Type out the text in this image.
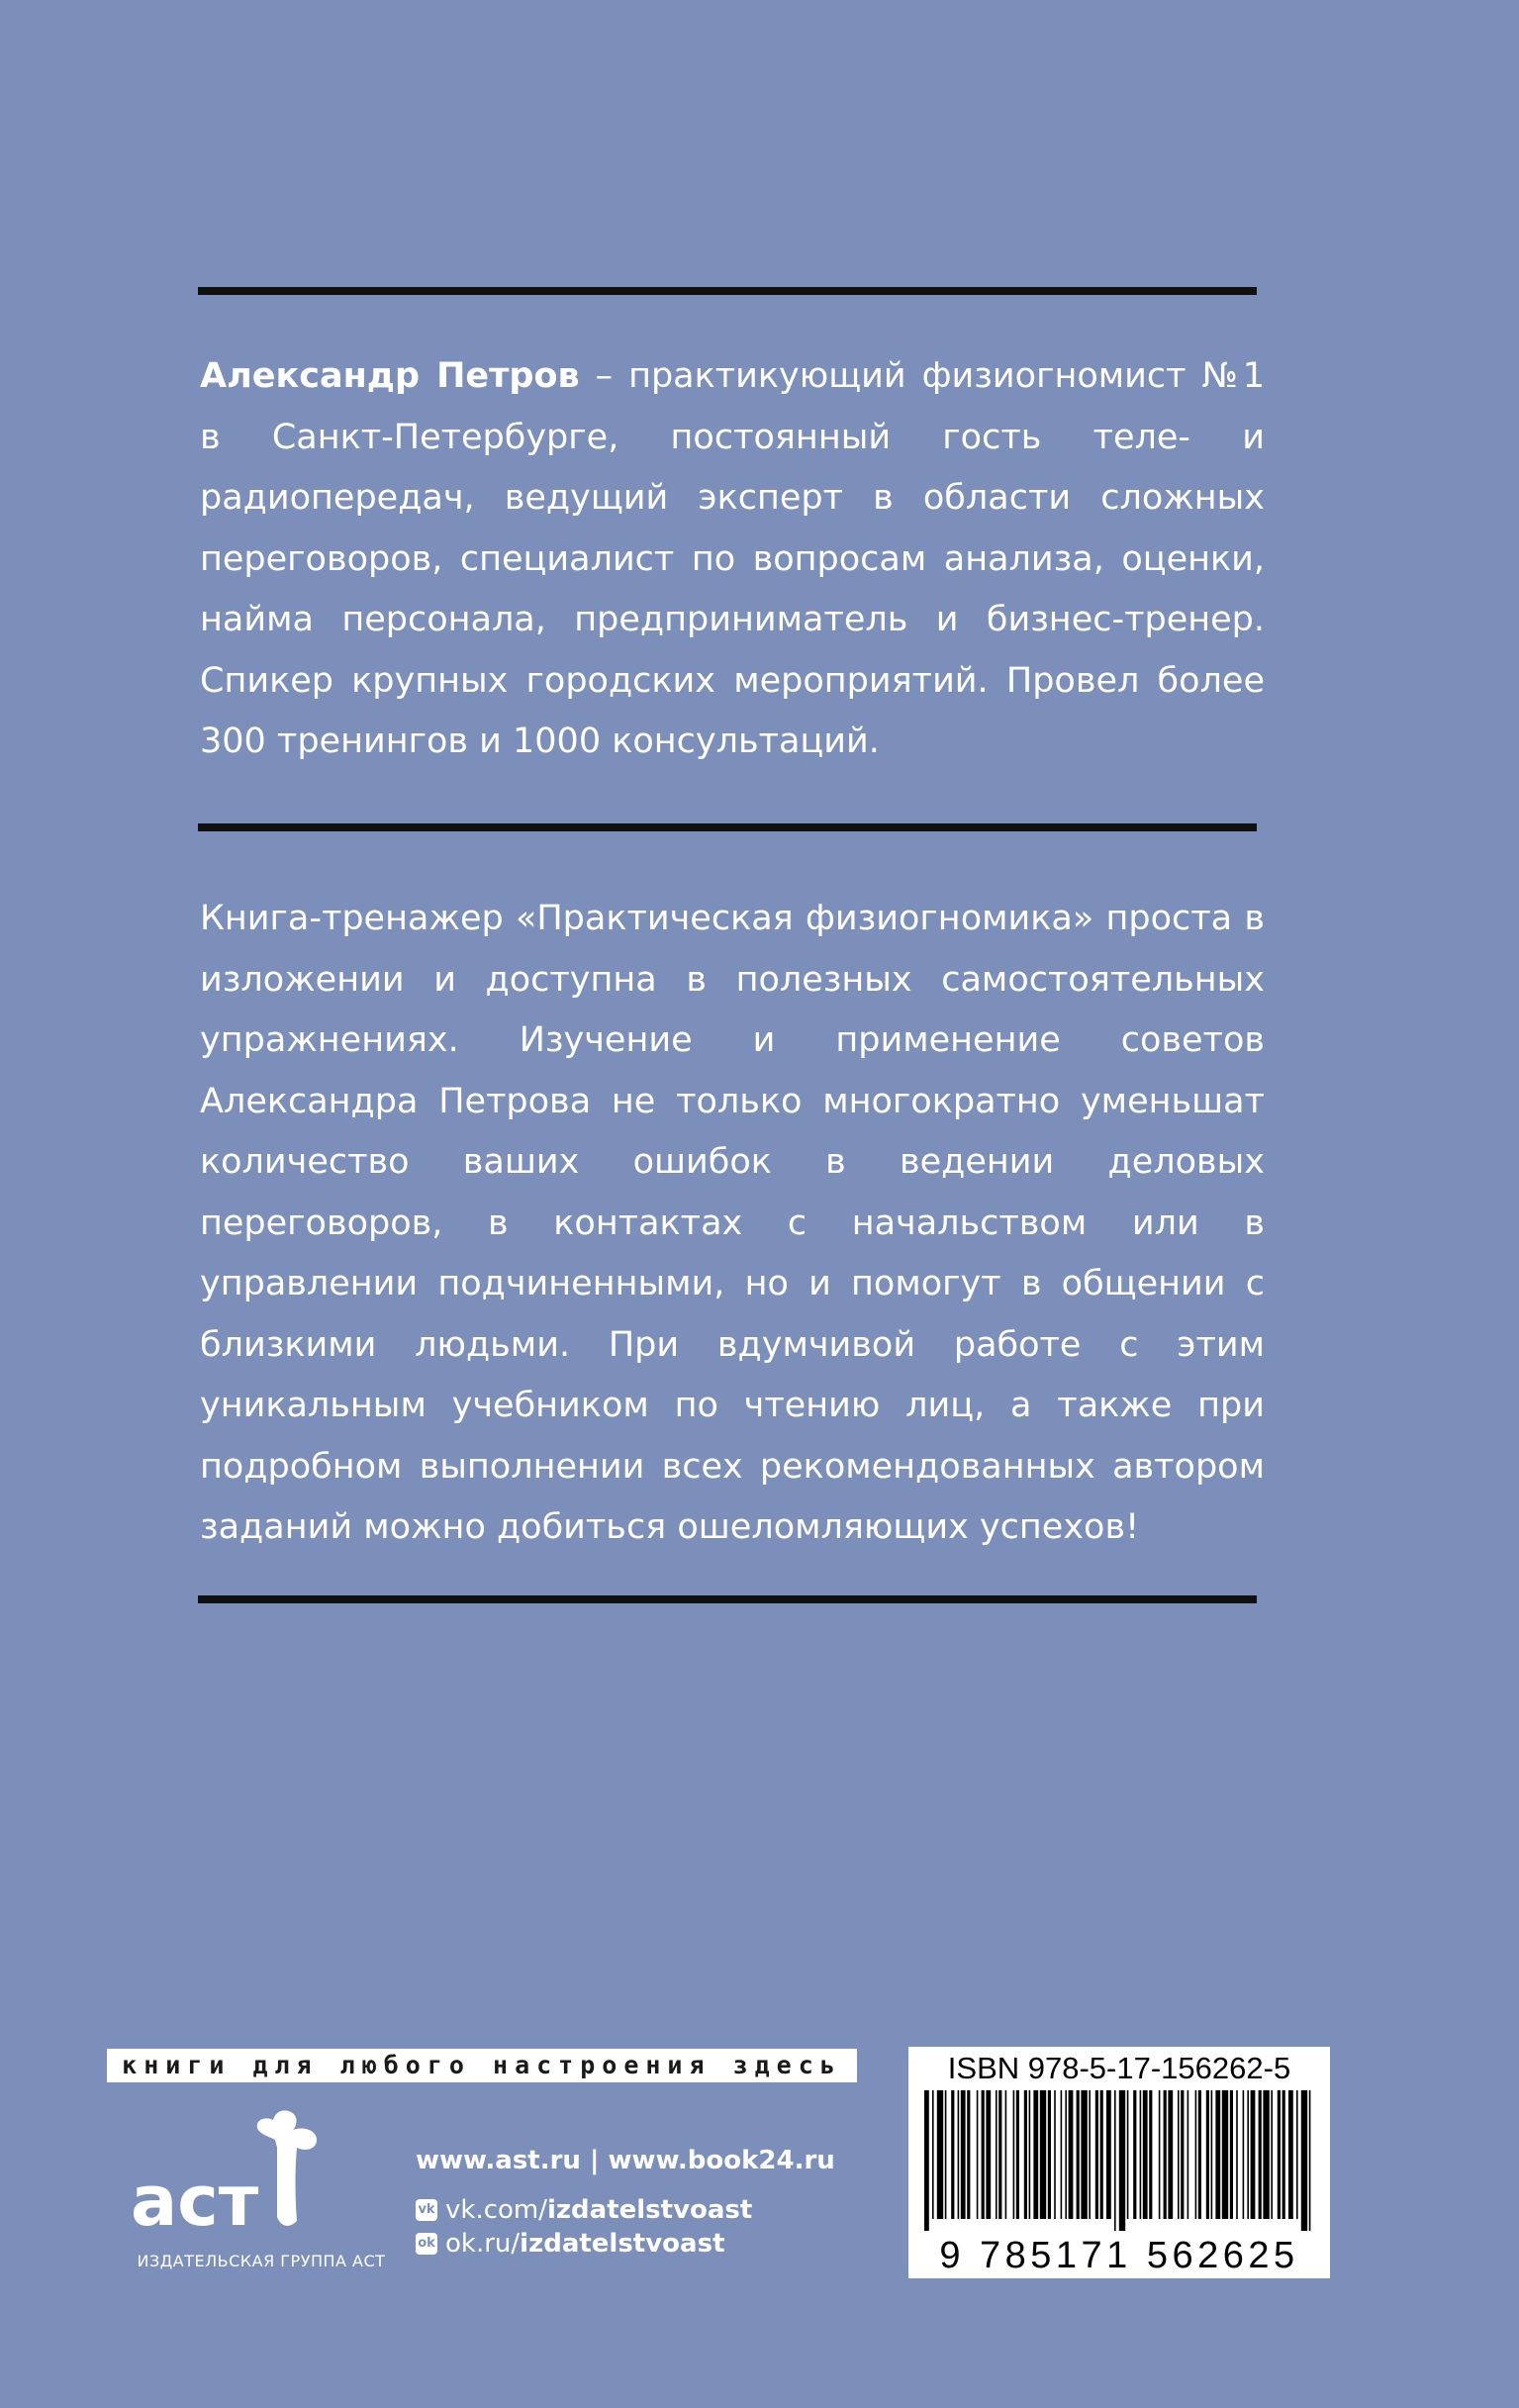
Александр Петров – практикующий физиогномист №1 в Санкт-Петербурге, постоянный гость теле- и радиопередач, ведущий эксперт в области сложных переговоров, специалист по вопросам анализа, оценки, найма персонала, предприниматель и бизнес-тренер. Спикер крупных городских мероприятий. Провел более 300 тренингов и 1000 консультаций.
Книга-тренажер «Практическая физиогномика» проста в изложении и доступна в полезных самостоятельных упражнениях. Изучение и применение советов Александра Петрова не только многократно уменьшат количество ваших ошибок в ведении деловых переговоров, в контактах с начальством или в управлении подчиненными, но и помогут в общении с близкими людьми. При вдумчивой работе с этим уникальным учебником по чтению лиц, а также при подробном выполнении всех рекомендованных автором заданий можно добиться ошеломляющих успехов!
книги для любого настроения здесь
аст
ИЗДАТЕЛЬСКАЯ ГРУППА АСТ
www.ast.ru | www.book24.ru
vk vk.com/ izdatelstvoast
ok ok.ru/ izdatelstvoast
ISBN 978-5-17-156262-5
9 785171 562625
